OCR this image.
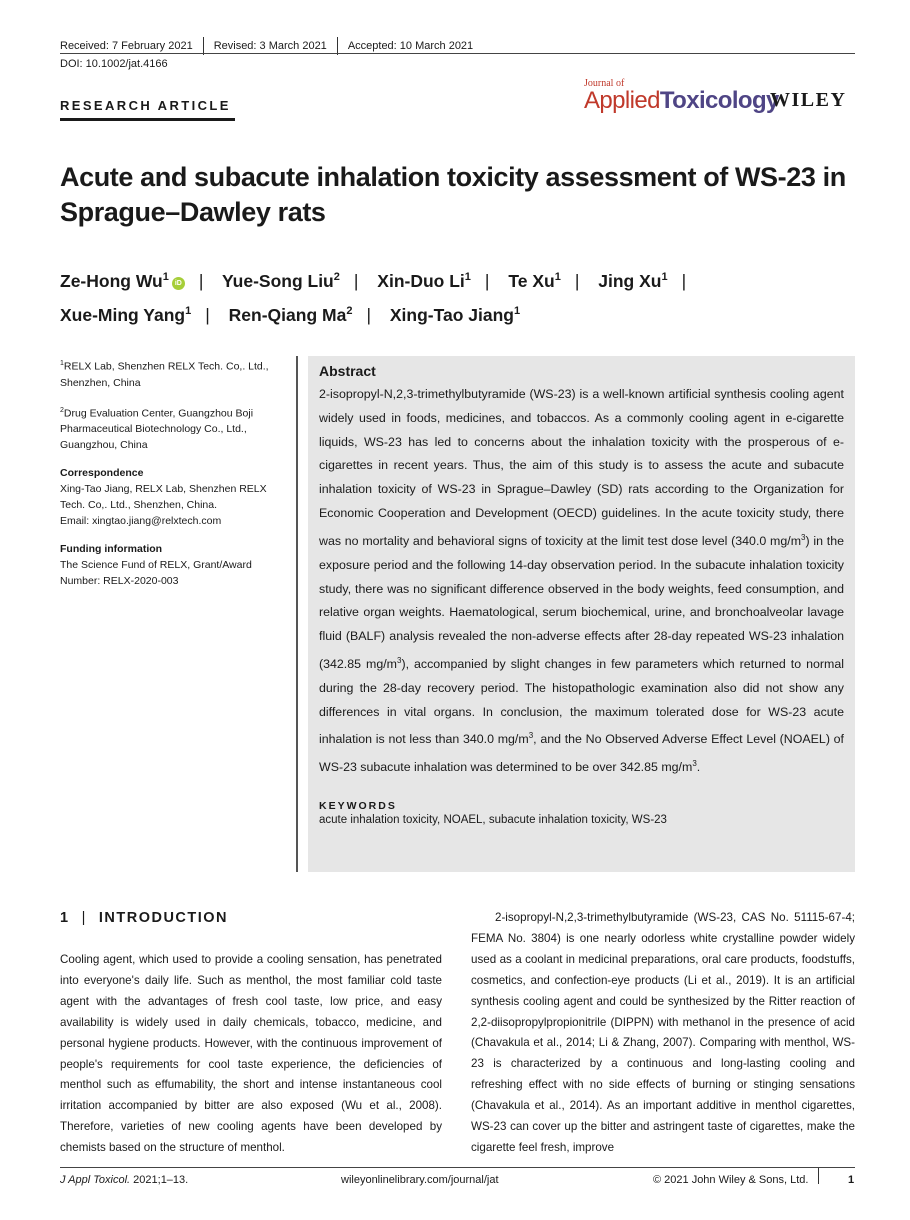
Received: 7 February 2021 Revised: 3 March 2021 Accepted: 10 March 2021
DOI: 10.1002/jat.4166
RESEARCH ARTICLE
Journal of
AppliedToxicology
WILEY
Acute and subacute inhalation toxicity assessment of WS-23 in Sprague–Dawley rats
Ze-Hong Wu$^1$iD | Yue-Song Liu$^2$ | Xin-Duo Li$^1$ | Te Xu$^1$ | Jing Xu$^1$ |
Xue-Ming Yang$^1$ | Ren-Qiang Ma$^2$ | Xing-Tao Jiang$^1$
$^1$RELX Lab, Shenzhen RELX Tech. Co,. Ltd., Shenzhen, China
$^2$Drug Evaluation Center, Guangzhou Boji Pharmaceutical Biotechnology Co., Ltd., Guangzhou, China
Correspondence
Xing-Tao Jiang, RELX Lab, Shenzhen RELX Tech. Co,. Ltd., Shenzhen, China.
Email: xingtao.jiang@relxtech.com
Funding information
The Science Fund of RELX, Grant/Award Number: RELX-2020-003
Abstract

2-isopropyl-N,2,3-trimethylbutyramide (WS-23) is a well-known artificial synthesis cooling agent widely used in foods, medicines, and tobaccos. As a commonly cooling agent in e-cigarette liquids, WS-23 has led to concerns about the inhalation toxicity with the prosperous of e-cigarettes in recent years. Thus, the aim of this study is to assess the acute and subacute inhalation toxicity of WS-23 in Sprague–Dawley (SD) rats according to the Organization for Economic Cooperation and Development (OECD) guidelines. In the acute toxicity study, there was no mortality and behavioral signs of toxicity at the limit test dose level (340.0 $mg/m^3$) in the exposure period and the following 14-day observation period. In the subacute inhalation toxicity study, there was no significant difference observed in the body weights, feed consumption, and relative organ weights. Haematological, serum biochemical, urine, and bronchoalveolar lavage fluid (BALF) analysis revealed the non-adverse effects after 28-day repeated WS-23 inhalation (342.85 $mg/m^3$), accompanied by slight changes in few parameters which returned to normal during the 28-day recovery period. The histopathologic examination also did not show any differences in vital organs. In conclusion, the maximum tolerated dose for WS-23 acute inhalation is not less than 340.0 $mg/m^3$, and the No Observed Adverse Effect Level (NOAEL) of WS-23 subacute inhalation was determined to be over 342.85 $mg/m^3$.

KEYWORDS
acute inhalation toxicity, NOAEL, subacute inhalation toxicity, WS-23
1 | INTRODUCTION

Cooling agent, which used to provide a cooling sensation, has penetrated into everyone's daily life. Such as menthol, the most familiar cold taste agent with the advantages of fresh cool taste, low price, and easy availability is widely used in daily chemicals, tobacco, medicine, and personal hygiene products. However, with the continuous improvement of people's requirements for cool taste experience, the deficiencies of menthol such as effumability, the short and intense instantaneous cool irritation accompanied by bitter are also exposed (Wu et al., 2008). Therefore, varieties of new cooling agents have been developed by chemists based on the structure of menthol.

2-isopropyl-N,2,3-trimethylbutyramide (WS-23, CAS No. 51115-67-4; FEMA No. 3804) is one nearly odorless white crystalline powder widely used as a coolant in medicinal preparations, oral care products, foodstuffs, cosmetics, and confection-eye products (Li et al., 2019). It is an artificial synthesis cooling agent and could be synthesized by the Ritter reaction of 2,2-diisopropylpropionitrile (DIPPN) with methanol in the presence of acid (Chavakula et al., 2014; Li & Zhang, 2007). Comparing with menthol, WS-23 is characterized by a continuous and long-lasting cooling and refreshing effect with no side effects of burning or stinging sensations (Chavakula et al., 2014). As an important additive in menthol cigarettes, WS-23 can cover up the bitter and astringent taste of cigarettes, make the cigarette feel fresh, improve

J Appl Toxicol. 2021;1–13.	wileyonlinelibrary.com/journal/jat	© 2021 John Wiley & Sons, Ltd.	1
